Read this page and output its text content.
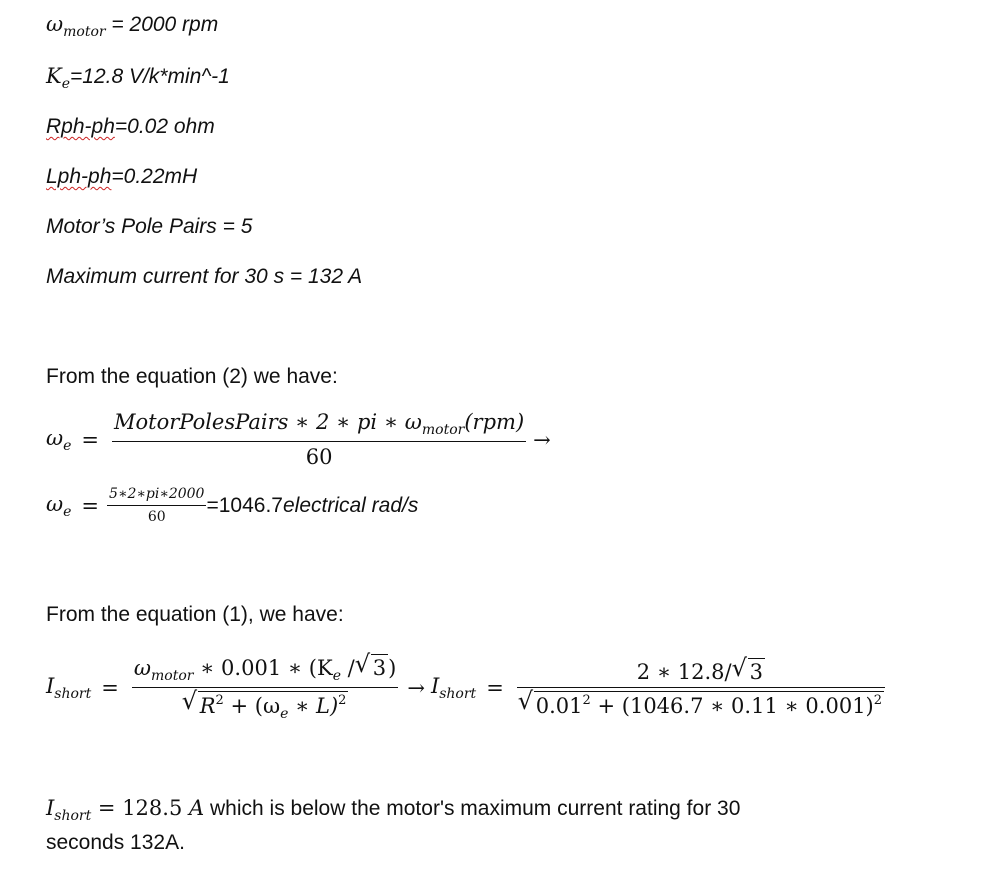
$\omega_{motor} = 2000$ rpm
$K_e=12.8$ V/k*min^-1
Rph-ph=0.02 ohm
Lph-ph=0.22mH
Motor’s Pole Pairs = 5
Maximum current for 30 s = 132 A
From the equation (2) we have:
$\omega_e = \frac{MotorPolesPairs ∗ 2 ∗ pi ∗ \omega_{motor}(rpm)}{60}$ →
$\omega_e = \frac{5∗2∗pi∗2000}{60} =1046.7$ electrical rad/s
From the equation (1), we have:
$I_{short} = \frac{\omega_{motor} ∗ 0.001 ∗ (K_e / √ 3)}{√ R^2 + (\omega_e ∗ L)^2} \to I_{short} = \frac{2 ∗ 12.8/ √ 3}{√ 0.01^2 + (1046.7 ∗ 0.11 ∗ 0.001)^2}$
$I_{short} = 128.5$ A which is below the motor's maximum current rating for 30
seconds 132A.
